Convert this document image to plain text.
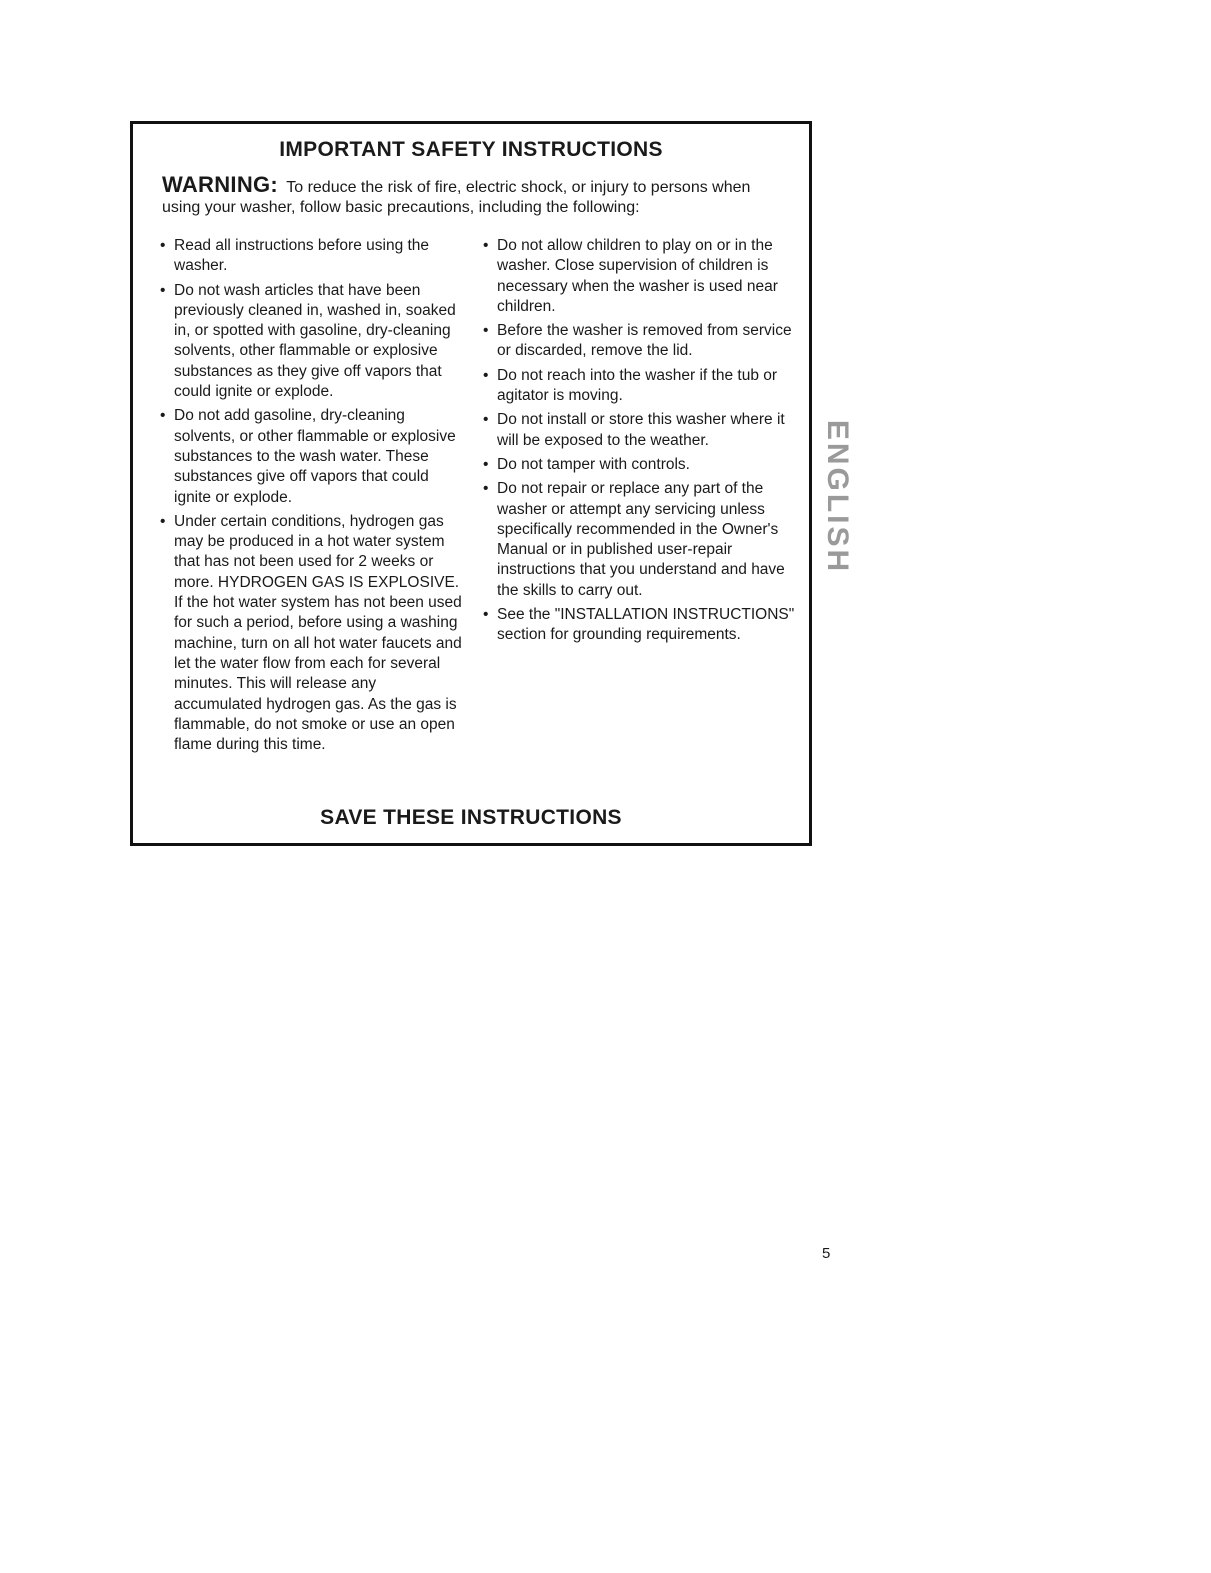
IMPORTANT SAFETY INSTRUCTIONS

WARNING: To reduce the risk of fire, electric shock, or injury to persons when using your washer, follow basic precautions, including the following:

• Read all instructions before using the washer.
• Do not wash articles that have been previously cleaned in, washed in, soaked in, or spotted with gasoline, dry-cleaning solvents, other flammable or explosive substances as they give off vapors that could ignite or explode.
• Do not add gasoline, dry-cleaning solvents, or other flammable or explosive substances to the wash water. These substances give off vapors that could ignite or explode.
• Under certain conditions, hydrogen gas may be produced in a hot water system that has not been used for 2 weeks or more. HYDROGEN GAS IS EXPLOSIVE. If the hot water system has not been used for such a period, before using a washing machine, turn on all hot water faucets and let the water flow from each for several minutes. This will release any accumulated hydrogen gas. As the gas is flammable, do not smoke or use an open flame during this time.
• Do not allow children to play on or in the washer. Close supervision of children is necessary when the washer is used near children.
• Before the washer is removed from service or discarded, remove the lid.
• Do not reach into the washer if the tub or agitator is moving.
• Do not install or store this washer where it will be exposed to the weather.
• Do not tamper with controls.
• Do not repair or replace any part of the washer or attempt any servicing unless specifically recommended in the Owner's Manual or in published user-repair instructions that you understand and have the skills to carry out.
• See the "INSTALLATION INSTRUCTIONS" section for grounding requirements.
SAVE THESE INSTRUCTIONS
ENGLISH

5
